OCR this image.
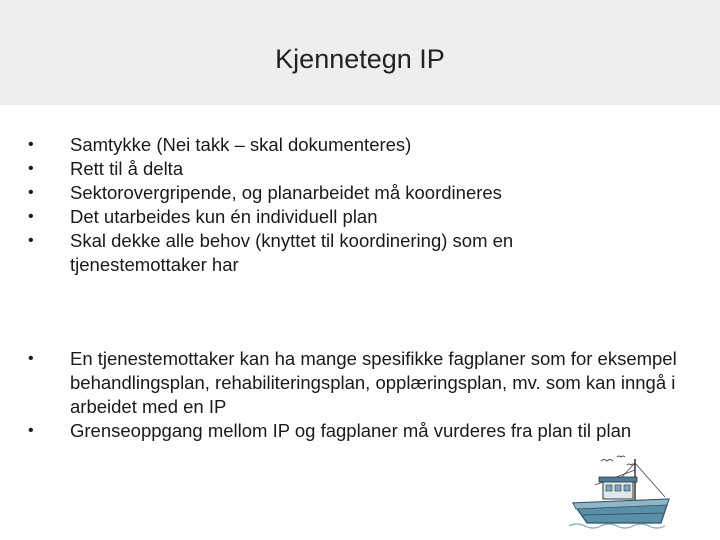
Kjennetegn IP
• Samtykke (Nei takk – skal dokumenteres)
• Rett til å delta
• Sektorovergripende, og planarbeidet må koordineres
• Det utarbeides kun én individuell plan
• Skal dekke alle behov (knyttet til koordinering) som en tjenestemottaker har
• En tjenestemottaker kan ha mange spesifikke fagplaner som for eksempel behandlingsplan, rehabiliteringsplan, opplæringsplan, mv. som kan inngå i arbeidet med en IP
• Grenseoppgang mellom IP og fagplaner må vurderes fra plan til plan
